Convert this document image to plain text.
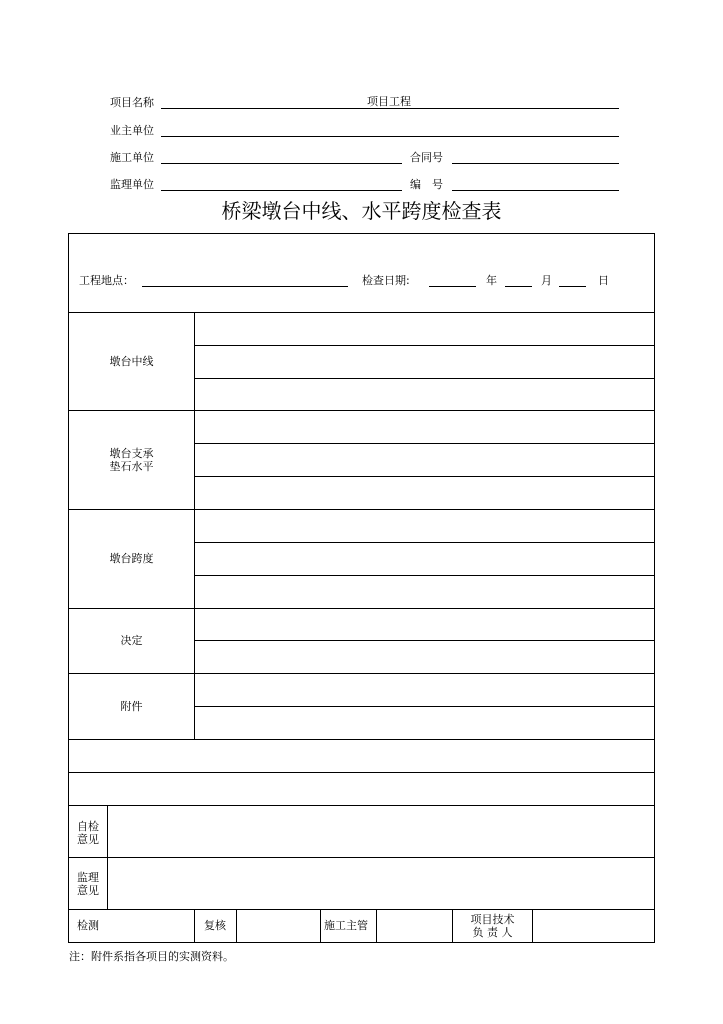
项目名称	项目工程
业主单位
施工单位	合同号
监理单位	编　号
桥梁墩台中线、水平跨度检查表
工程地点：	检查日期:	年	月	日
墩台中线
墩台支承
垫石水平
墩台跨度
决定
附件
自检
意见
监理
意见
检测	复核	施工主管	项目技术
负 责 人
注：附件系指各项目的实测资料。
